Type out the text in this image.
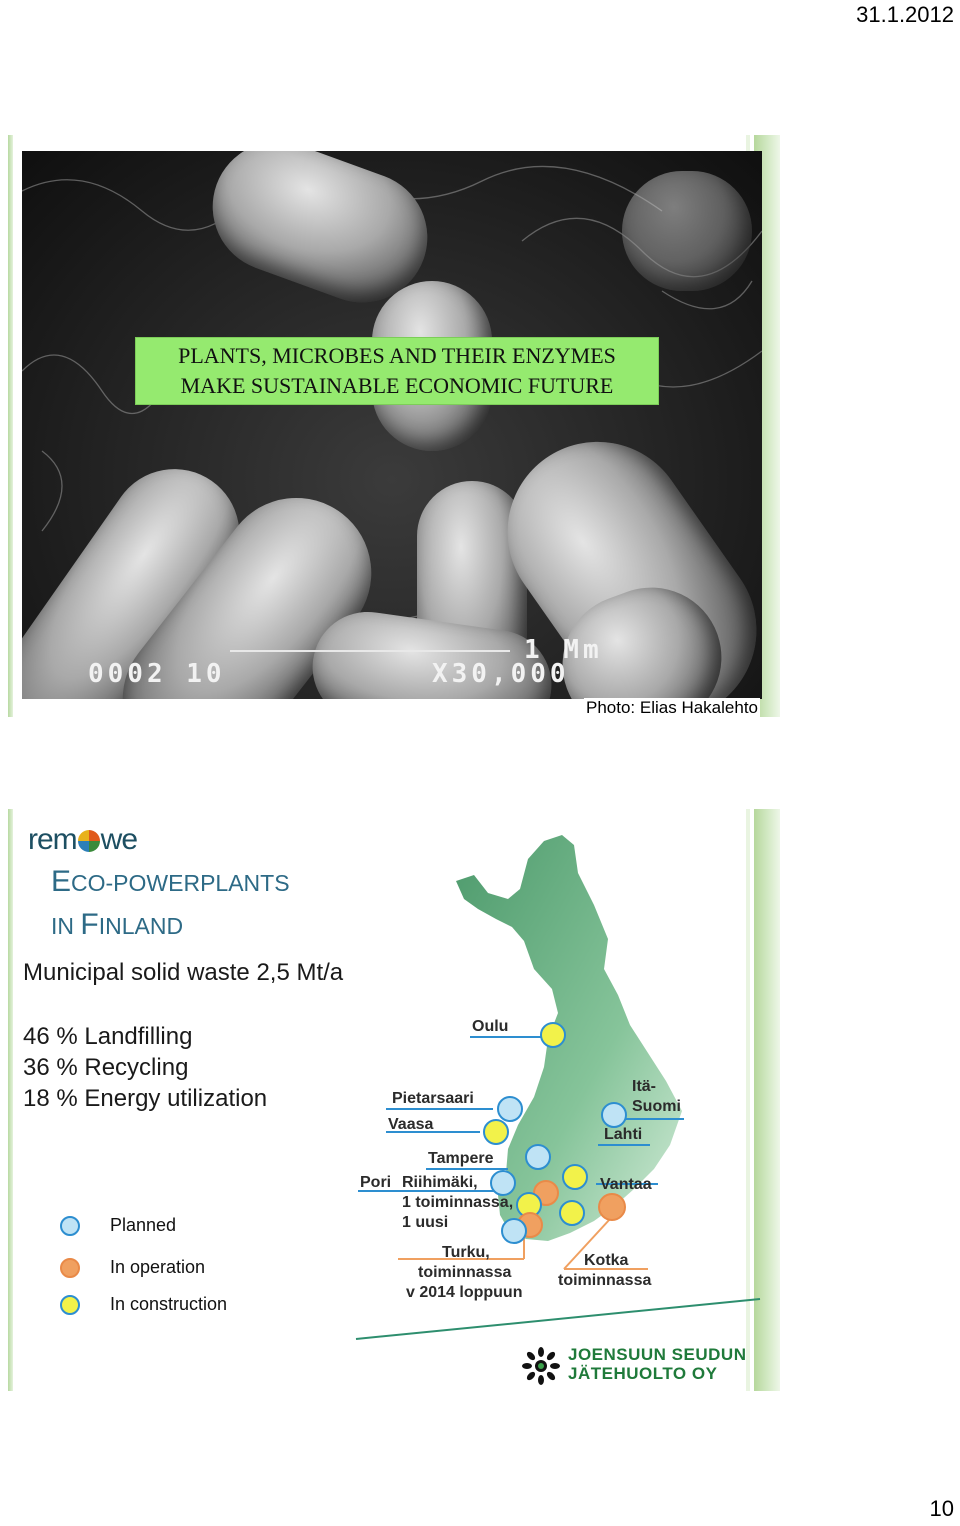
31.1.2012
PLANTS, MICROBES AND THEIR ENZYMES
MAKE SUSTAINABLE ECONOMIC FUTURE
0002 10
1 Mm
X30,000
Photo: Elias Hakalehto
rem we
ECO-POWERPLANTS
IN FINLAND
Municipal solid waste 2,5 Mt/a
46 % Landfilling
36 % Recycling
18 % Energy utilization
Planned
In operation
In construction
Oulu
Pietarsaari
Vaasa
Itä-
Suomi
Lahti
Tampere
Pori Riihimäki,
1 toiminnassa,
1 uusi
Vantaa
Turku,
toiminnassa
v 2014 loppuun
Kotka
toiminnassa
JOENSUUN SEUDUN
JÄTEHUOLTO OY
10
